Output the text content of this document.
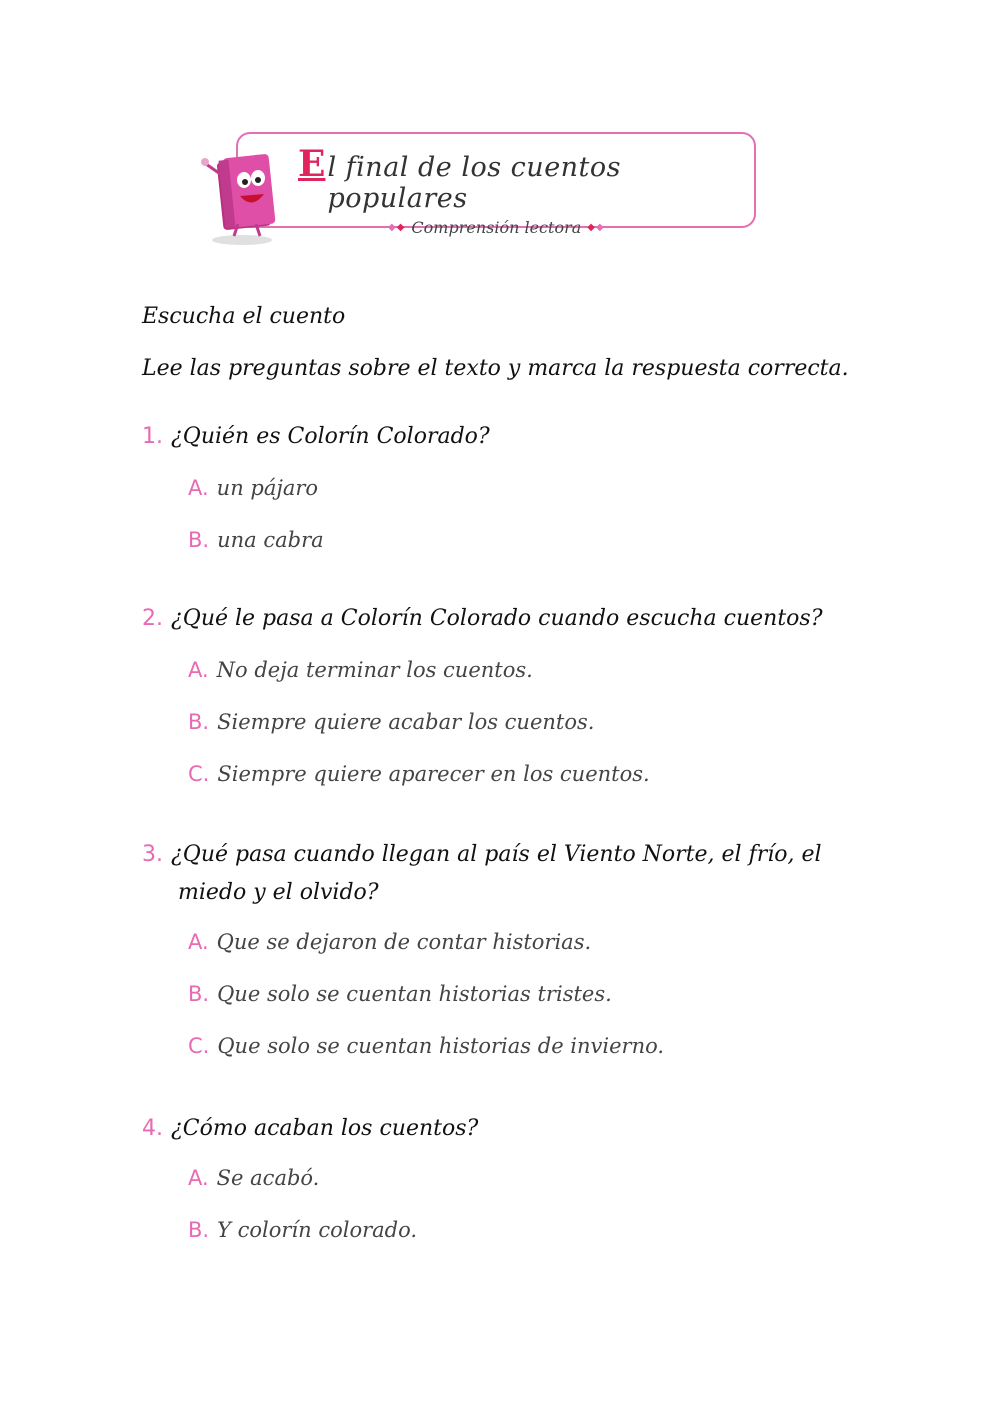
E l final de los cuentos populares
◆◆ Comprensión lectora ◆◆
Escucha el cuento
Lee las preguntas sobre el texto y marca la respuesta correcta.
1. ¿Quién es Colorín Colorado?
A. un pájaro
B. una cabra
2. ¿Qué le pasa a Colorín Colorado cuando escucha cuentos?
A. No deja terminar los cuentos.
B. Siempre quiere acabar los cuentos.
C. Siempre quiere aparecer en los cuentos.
3. ¿Qué pasa cuando llegan al país el Viento Norte, el frío, el
miedo y el olvido?
A. Que se dejaron de contar historias.
B. Que solo se cuentan historias tristes.
C. Que solo se cuentan historias de invierno.
4. ¿Cómo acaban los cuentos?
A. Se acabó.
B. Y colorín colorado.
